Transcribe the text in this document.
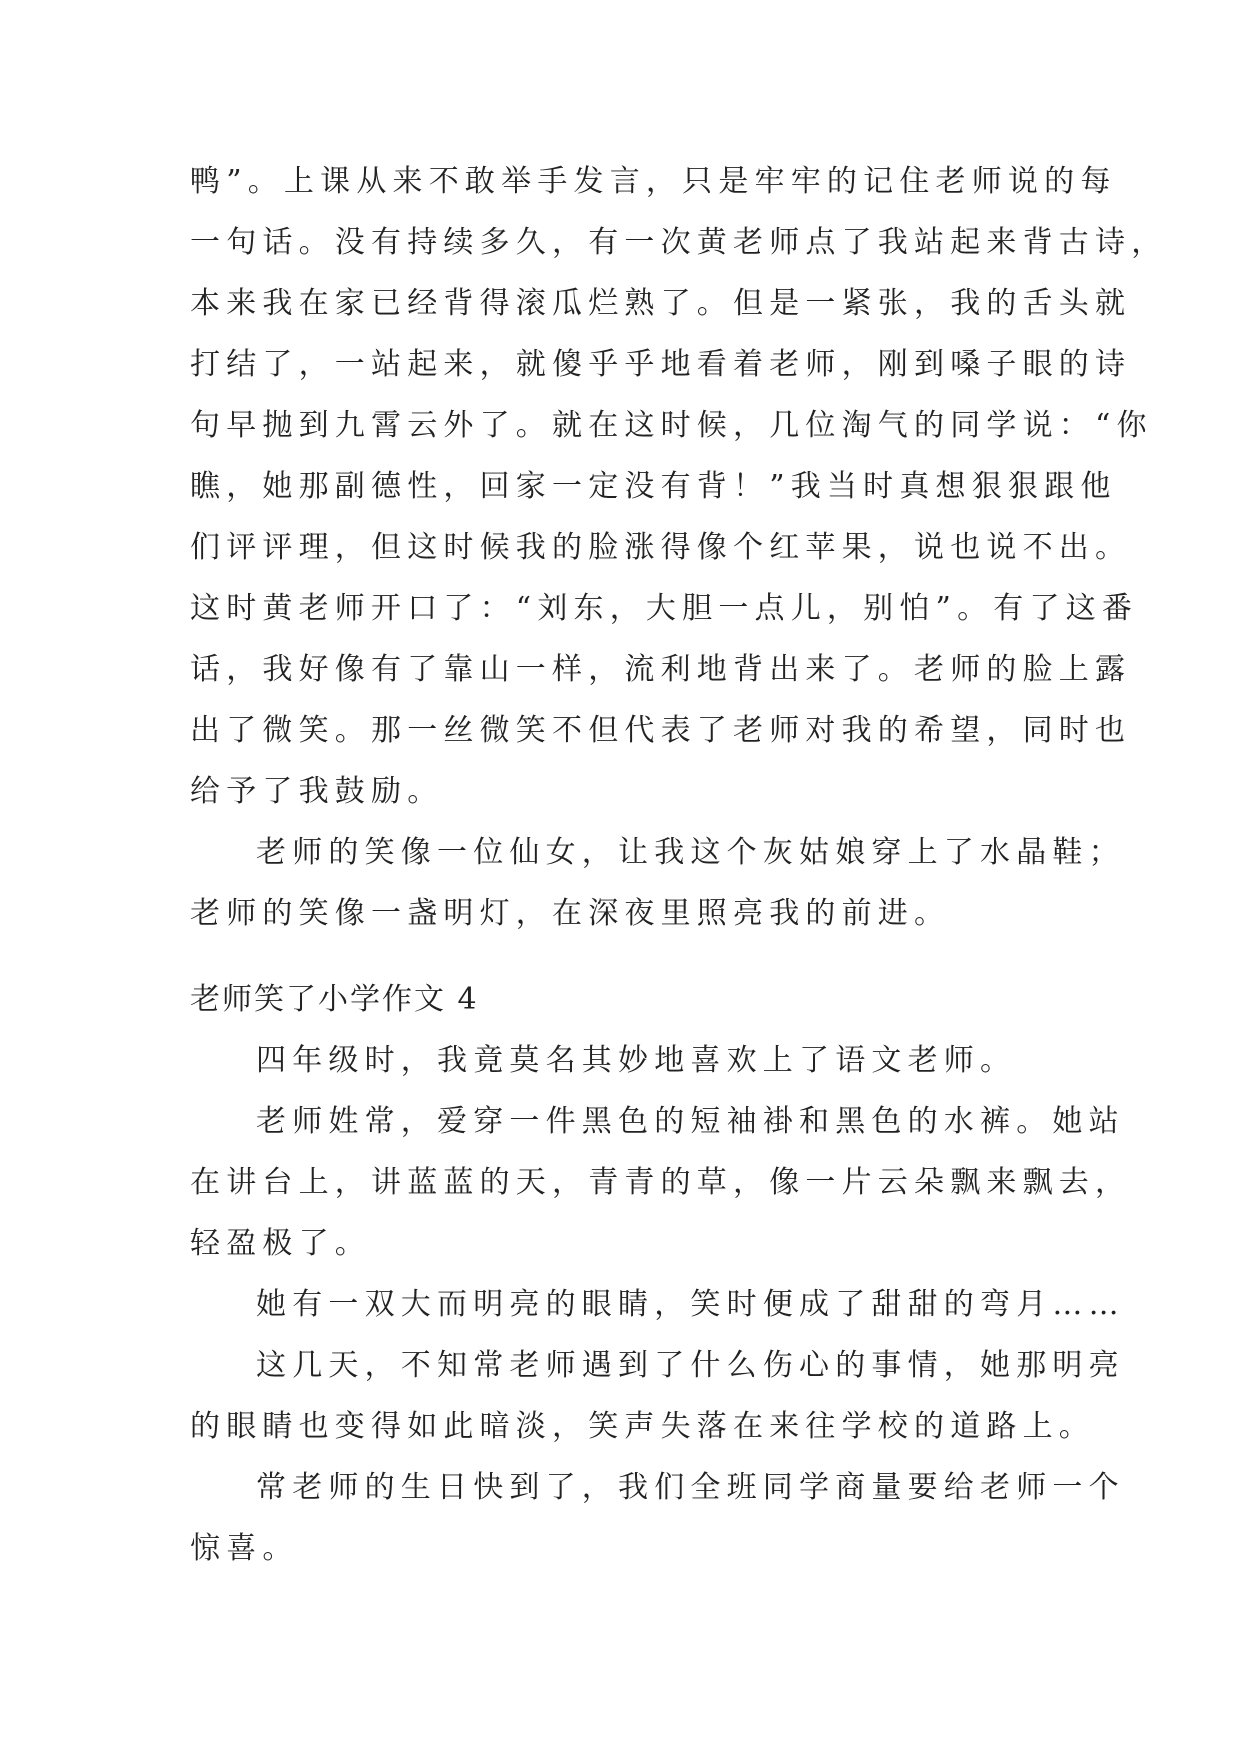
鸭”。上课从来不敢举手发言，只是牢牢的记住老师说的每
一句话。没有持续多久，有一次黄老师点了我站起来背古诗，
本来我在家已经背得滚瓜烂熟了。但是一紧张，我的舌头就
打结了，一站起来，就傻乎乎地看着老师，刚到嗓子眼的诗
句早抛到九霄云外了。就在这时候，几位淘气的同学说：“你
瞧，她那副德性，回家一定没有背！”我当时真想狠狠跟他
们评评理，但这时候我的脸涨得像个红苹果，说也说不出。
这时黄老师开口了：“刘东，大胆一点儿，别怕”。有了这番
话，我好像有了靠山一样，流利地背出来了。老师的脸上露
出了微笑。那一丝微笑不但代表了老师对我的希望，同时也
给予了我鼓励。
老师的笑像一位仙女，让我这个灰姑娘穿上了水晶鞋；
老师的笑像一盏明灯，在深夜里照亮我的前进。
老师笑了小学作文 4
四年级时，我竟莫名其妙地喜欢上了语文老师。
老师姓常，爱穿一件黑色的短袖褂和黑色的水裤。她站
在讲台上，讲蓝蓝的天，青青的草，像一片云朵飘来飘去，
轻盈极了。
她有一双大而明亮的眼睛，笑时便成了甜甜的弯月……
这几天，不知常老师遇到了什么伤心的事情，她那明亮
的眼睛也变得如此暗淡，笑声失落在来往学校的道路上。
常老师的生日快到了，我们全班同学商量要给老师一个
惊喜。
